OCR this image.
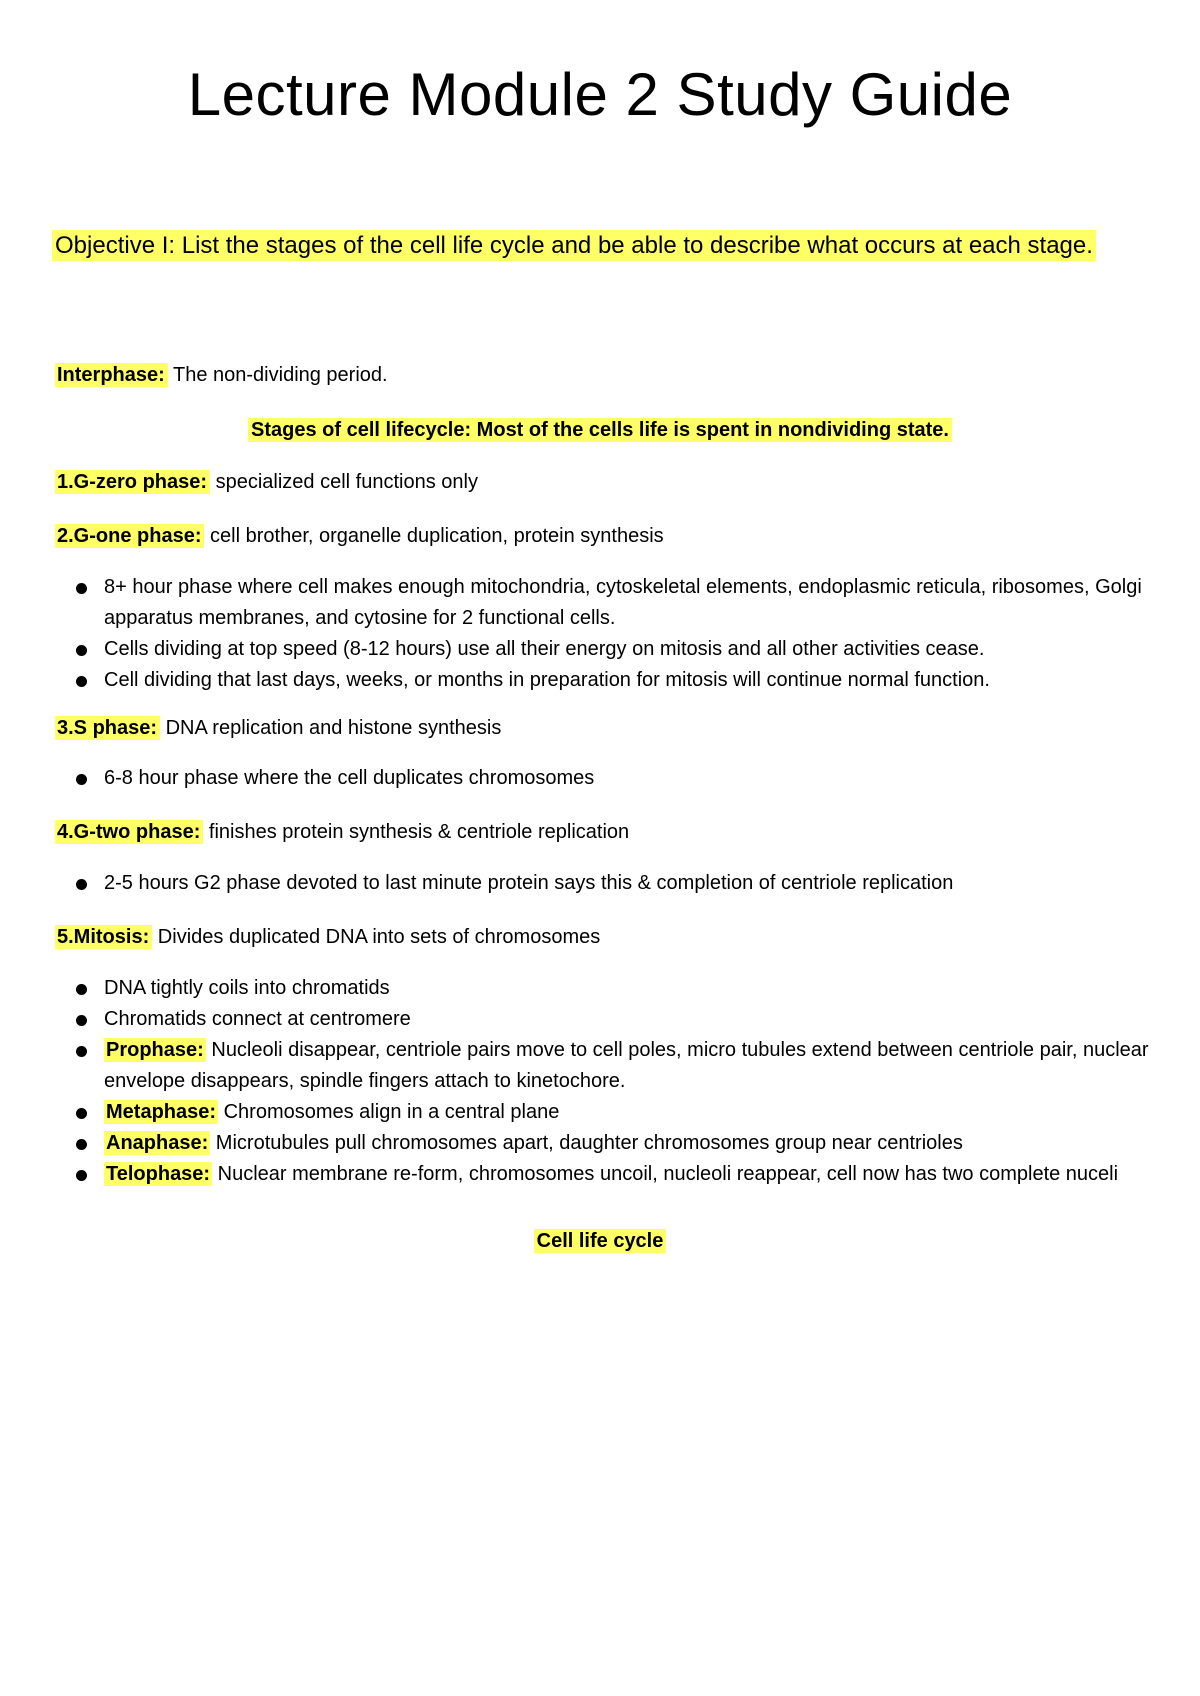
Lecture Module 2 Study Guide

Objective I: List the stages of the cell life cycle and be able to describe what occurs at each stage.

Interphase: The non-dividing period.

Stages of cell lifecycle: Most of the cells life is spent in nondividing state.

1.G-zero phase: specialized cell functions only

2.G-one phase: cell brother, organelle duplication, protein synthesis

8+ hour phase where cell makes enough mitochondria, cytoskeletal elements, endoplasmic reticula, ribosomes, Golgi apparatus membranes, and cytosine for 2 functional cells.
Cells dividing at top speed (8-12 hours) use all their energy on mitosis and all other activities cease.
Cell dividing that last days, weeks, or months in preparation for mitosis will continue normal function.

3.S phase: DNA replication and histone synthesis

6-8 hour phase where the cell duplicates chromosomes

4.G-two phase: finishes protein synthesis & centriole replication

2-5 hours G2 phase devoted to last minute protein says this & completion of centriole replication

5.Mitosis: Divides duplicated DNA into sets of chromosomes

DNA tightly coils into chromatids
Chromatids connect at centromere
Prophase: Nucleoli disappear, centriole pairs move to cell poles, micro tubules extend between centriole pair, nuclear envelope disappears, spindle fingers attach to kinetochore.
Metaphase: Chromosomes align in a central plane
Anaphase: Microtubules pull chromosomes apart, daughter chromosomes group near centrioles
Telophase: Nuclear membrane re-form, chromosomes uncoil, nucleoli reappear, cell now has two complete nuceli

Cell life cycle
